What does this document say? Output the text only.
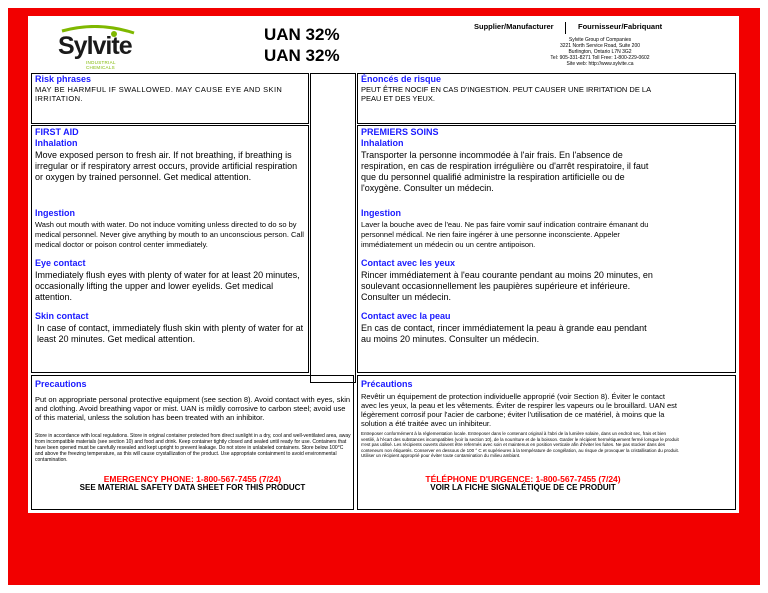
Sylvite
INDUSTRIAL CHEMICALS
UAN 32%
UAN 32%
Supplier/Manufacturer	Fournisseur/Fabriquant
Sylvite Group of Companies
3221 North Service Road, Suite 200
Burlington, Ontario L7N 3G2
Tel: 905-331-8271 Toll Free: 1-800-229-0602
Site web: http://www.sylvite.ca
Risk phrases
MAY BE HARMFUL IF SWALLOWED. MAY CAUSE EYE AND SKIN IRRITATION.
Énoncés de risque
PEUT ÊTRE NOCIF EN CAS D'INGESTION. PEUT CAUSER UNE IRRITATION DE LA PEAU ET DES YEUX.
FIRST AID
Inhalation
Move exposed person to fresh air. If not breathing, if breathing is irregular or if respiratory arrest occurs, provide artificial respiration or oxygen by trained personnel. Get medical attention.
Ingestion
Wash out mouth with water. Do not induce vomiting unless directed to do so by medical personnel. Never give anything by mouth to an unconscious person. Call medical doctor or poison control center immediately.
Eye contact
Immediately flush eyes with plenty of water for at least 20 minutes, occasionally lifting the upper and lower eyelids. Get medical attention.
Skin contact
In case of contact, immediately flush skin with plenty of water for at least 20 minutes. Get medical attention.
PREMIERS SOINS
Inhalation
Transporter la personne incommodée à l'air frais. En l'absence de respiration, en cas de respiration irrégulière ou d'arrêt respiratoire, il faut que du personnel qualifié administre la respiration artificielle ou de l'oxygène. Consulter un médecin.
Ingestion
Laver la bouche avec de l'eau. Ne pas faire vomir sauf indication contraire émanant du personnel médical. Ne rien faire ingérer à une personne inconsciente. Appeler immédiatement un médecin ou un centre antipoison.
Contact avec les yeux
Rincer immédiatement à l'eau courante pendant au moins 20 minutes, en soulevant occasionnellement les paupières supérieure et inférieure. Consulter un médecin.
Contact avec la peau
En cas de contact, rincer immédiatement la peau à grande eau pendant au moins 20 minutes. Consulter un médecin.
Precautions
Put on appropriate personal protective equipment (see section 8). Avoid contact with eyes, skin and clothing. Avoid breathing vapor or mist. UAN is mildly corrosive to carbon steel; avoid use of this material, unless the solution has been treated with an inhibitor.
Store in accordance with local regulations. Store in original container protected from direct sunlight in a dry, cool and well-ventilated area, away from incompatible materials (see section 10) and food and drink. Keep container tightly closed and sealed until ready for use. Containers that have been opened must be carefully resealed and kept upright to prevent leakage. Do not store in unlabeled containers. Store below 100°C and above the freezing temperature, as this will cause crystallization of the product. Use appropriate containment to avoid environmental contamination.
EMERGENCY PHONE: 1-800-567-7455 (7/24)
SEE MATERIAL SAFETY DATA SHEET FOR THIS PRODUCT
Précautions
Revêtir un équipement de protection individuelle approprié (voir Section 8). Éviter le contact avec les yeux, la peau et les vêtements. Éviter de respirer les vapeurs ou le brouillard. UAN est légèrement corrosif pour l'acier de carbone; éviter l'utilisation de ce matériel, à moins que la solution a été traitée avec un inhibiteur.
Entreposer conformément à la réglementation locale. Entreposer dans le contenant original à l'abri de la lumière solaire, dans un endroit sec, frais et bien ventilé, à l'écart des substances incompatibles (voir la section 10), de la nourriture et de la boisson. Garder le récipient hermétiquement fermé lorsque le produit n'est pas utilisé. Les récipients ouverts doivent être refermés avec soin et maintenus en position verticale afin d'éviter les fuites. Ne pas stocker dans des conteneurs non étiquetés. Conserver en dessous de 100 ° C et supérieures à la température de congélation, au risque de provoquer la cristallisation du produit. Utiliser un récipient approprié pour éviter toute contamination du milieu ambiant.
TÉLÉPHONE D'URGENCE: 1-800-567-7455 (7/24)
VOIR LA FICHE SIGNALÉTIQUE DE CE PRODUIT
